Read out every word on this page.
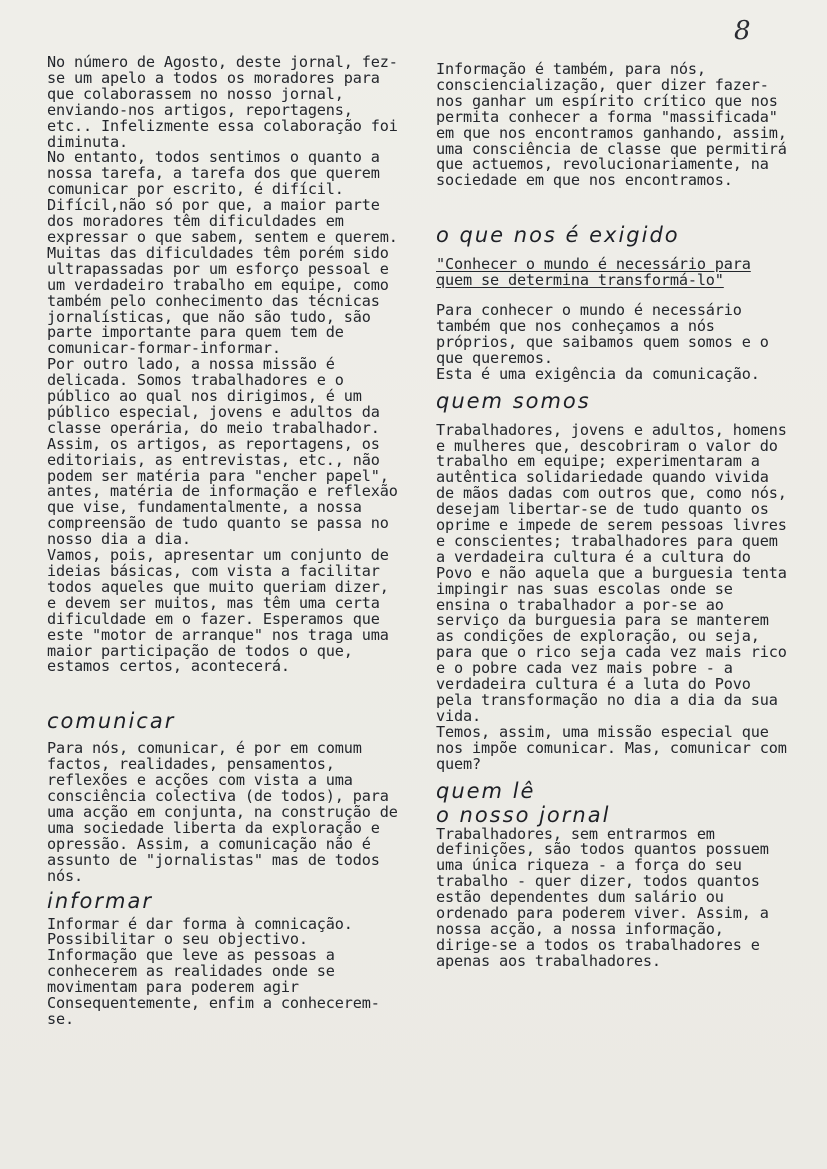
8

No número de Agosto, deste jornal, fez-se um apelo a todos os moradores para que colaborassem no nosso jornal, enviando-nos artigos, reportagens, etc.. Infelizmente essa colaboração foi diminuta.

No entanto, todos sentimos o quanto a nossa tarefa, a tarefa dos que querem comunicar por escrito, é difícil. Difícil,não só por que, a maior parte dos moradores têm dificuldades em expressar o que sabem, sentem e querem. Muitas das dificuldades têm porém sido ultrapassadas por um esforço pessoal e um verdadeiro trabalho em equipe, como também pelo conhecimento das técnicas jornalísticas, que não são tudo, são parte importante para quem tem de comunicar-formar-informar.

Por outro lado, a nossa missão é delicada. Somos trabalhadores e o público ao qual nos dirigimos, é um público especial, jovens e adultos da classe operária, do meio trabalhador. Assim, os artigos, as reportagens, os editoriais, as entrevistas, etc., não podem ser matéria para "encher papel", antes, matéria de informação e reflexão que vise, fundamentalmente, a nossa compreensão de tudo quanto se passa no nosso dia a dia.

Vamos, pois, apresentar um conjunto de ideias básicas, com vista a facilitar todos aqueles que muito queriam dizer, e devem ser muitos, mas têm uma certa dificuldade em o fazer. Esperamos que este "motor de arranque" nos traga uma maior participação de todos o que, estamos certos, acontecerá.

comunicar

Para nós, comunicar, é por em comum factos, realidades, pensamentos, reflexões e acções com vista a uma consciência colectiva (de todos), para uma acção em conjunta, na construção de uma sociedade liberta da exploração e opressão. Assim, a comunicação não é assunto de "jornalistas" mas de todos nós.

informar

Informar é dar forma à comnicação. Possibilitar o seu objectivo. Informação que leve as pessoas a conhecerem as realidades onde se movimentam para poderem agir Consequentemente, enfim a conhecerem-se.

Informação é também, para nós, consciencialização, quer dizer fazer-nos ganhar um espírito crítico que nos permita conhecer a forma "massificada" em que nos encontramos ganhando, assim, uma consciência de classe que permitirá que actuemos, revolucionariamente, na sociedade em que nos encontramos.

o que nos é exigido

"Conhecer o mundo é necessário para quem se determina transformá-lo"

Para conhecer o mundo é necessário também que nos conheçamos a nós próprios, que saibamos quem somos e o que queremos.

Esta é uma exigência da comunicação.

quem somos

Trabalhadores, jovens e adultos, homens e mulheres que, descobriram o valor do trabalho em equipe; experimentaram a autêntica solidariedade quando vivida de mãos dadas com outros que, como nós, desejam libertar-se de tudo quanto os oprime e impede de serem pessoas livres e conscientes; trabalhadores para quem a verdadeira cultura é a cultura do Povo e não aquela que a burguesia tenta impingir nas suas escolas onde se ensina o trabalhador a por-se ao serviço da burguesia para se manterem as condições de exploração, ou seja, para que o rico seja cada vez mais rico e o pobre cada vez mais pobre - a verdadeira cultura é a luta do Povo pela transformação no dia a dia da sua vida.

Temos, assim, uma missão especial que nos impõe comunicar. Mas, comunicar com quem?

quem lê
o nosso jornal

Trabalhadores, sem entrarmos em definições, são todos quantos possuem uma única riqueza - a força do seu trabalho - quer dizer, todos quantos estão dependentes dum salário ou ordenado para poderem viver. Assim, a nossa acção, a nossa informação, dirige-se a todos os trabalhadores e apenas aos trabalhadores.
